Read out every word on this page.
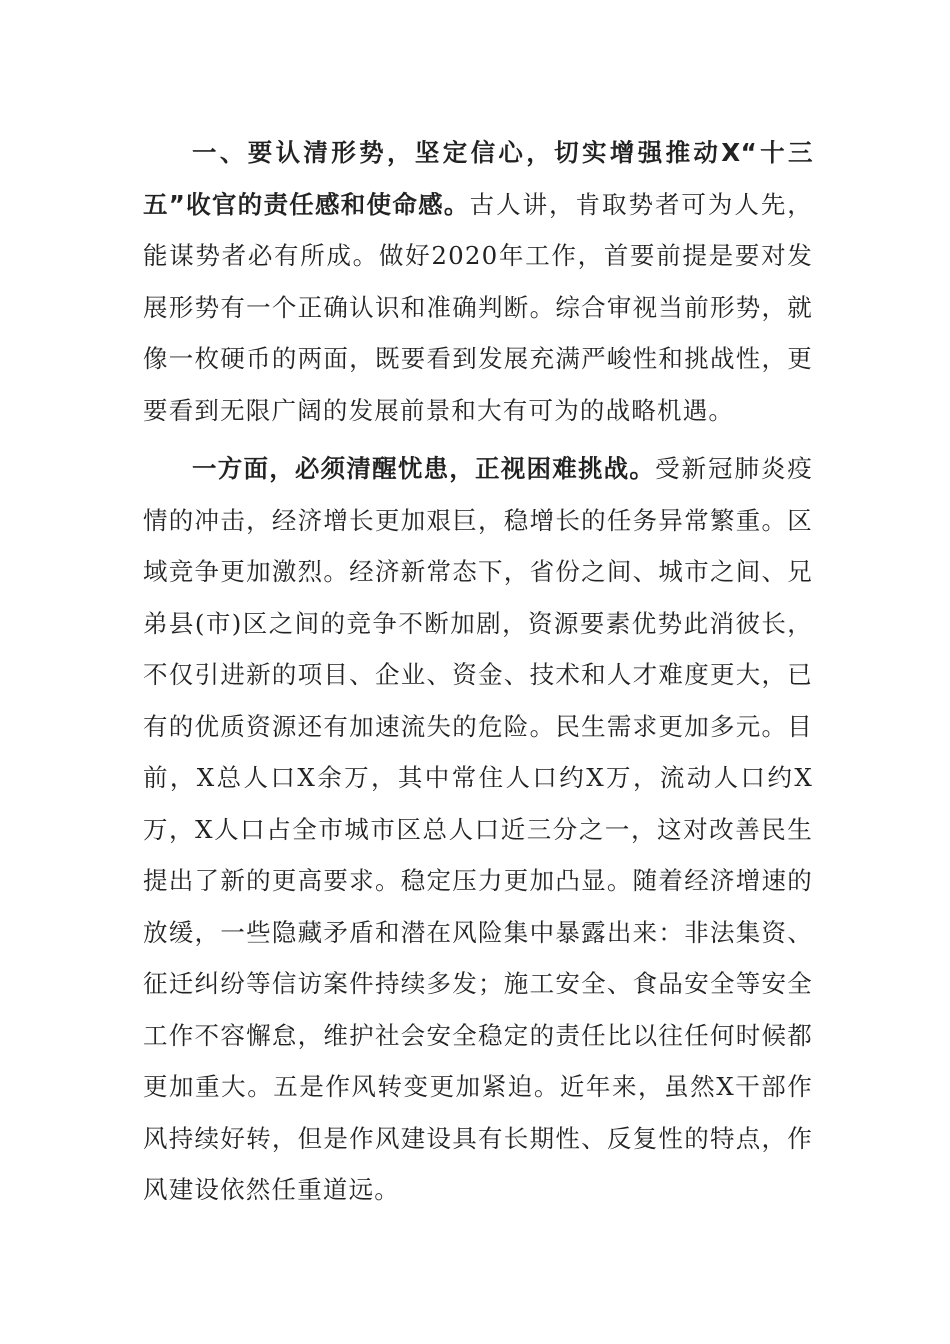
一、要认清形势，坚定信心，切实增强推动X“十三五”收官的责任感和使命感。古人讲，肯取势者可为人先，能谋势者必有所成。做好2020年工作，首要前提是要对发展形势有一个正确认识和准确判断。综合审视当前形势，就像一枚硬币的两面，既要看到发展充满严峻性和挑战性，更要看到无限广阔的发展前景和大有可为的战略机遇。

一方面，必须清醒忧患，正视困难挑战。受新冠肺炎疫情的冲击，经济增长更加艰巨，稳增长的任务异常繁重。区域竞争更加激烈。经济新常态下，省份之间、城市之间、兄弟县(市)区之间的竞争不断加剧，资源要素优势此消彼长，不仅引进新的项目、企业、资金、技术和人才难度更大，已有的优质资源还有加速流失的危险。民生需求更加多元。目前，X总人口X余万，其中常住人口约X万，流动人口约X万，X人口占全市城市区总人口近三分之一，这对改善民生提出了新的更高要求。稳定压力更加凸显。随着经济增速的放缓，一些隐藏矛盾和潜在风险集中暴露出来：非法集资、征迁纠纷等信访案件持续多发；施工安全、食品安全等安全工作不容懈怠，维护社会安全稳定的责任比以往任何时候都更加重大。五是作风转变更加紧迫。近年来，虽然X干部作风持续好转，但是作风建设具有长期性、反复性的特点，作风建设依然任重道远。
